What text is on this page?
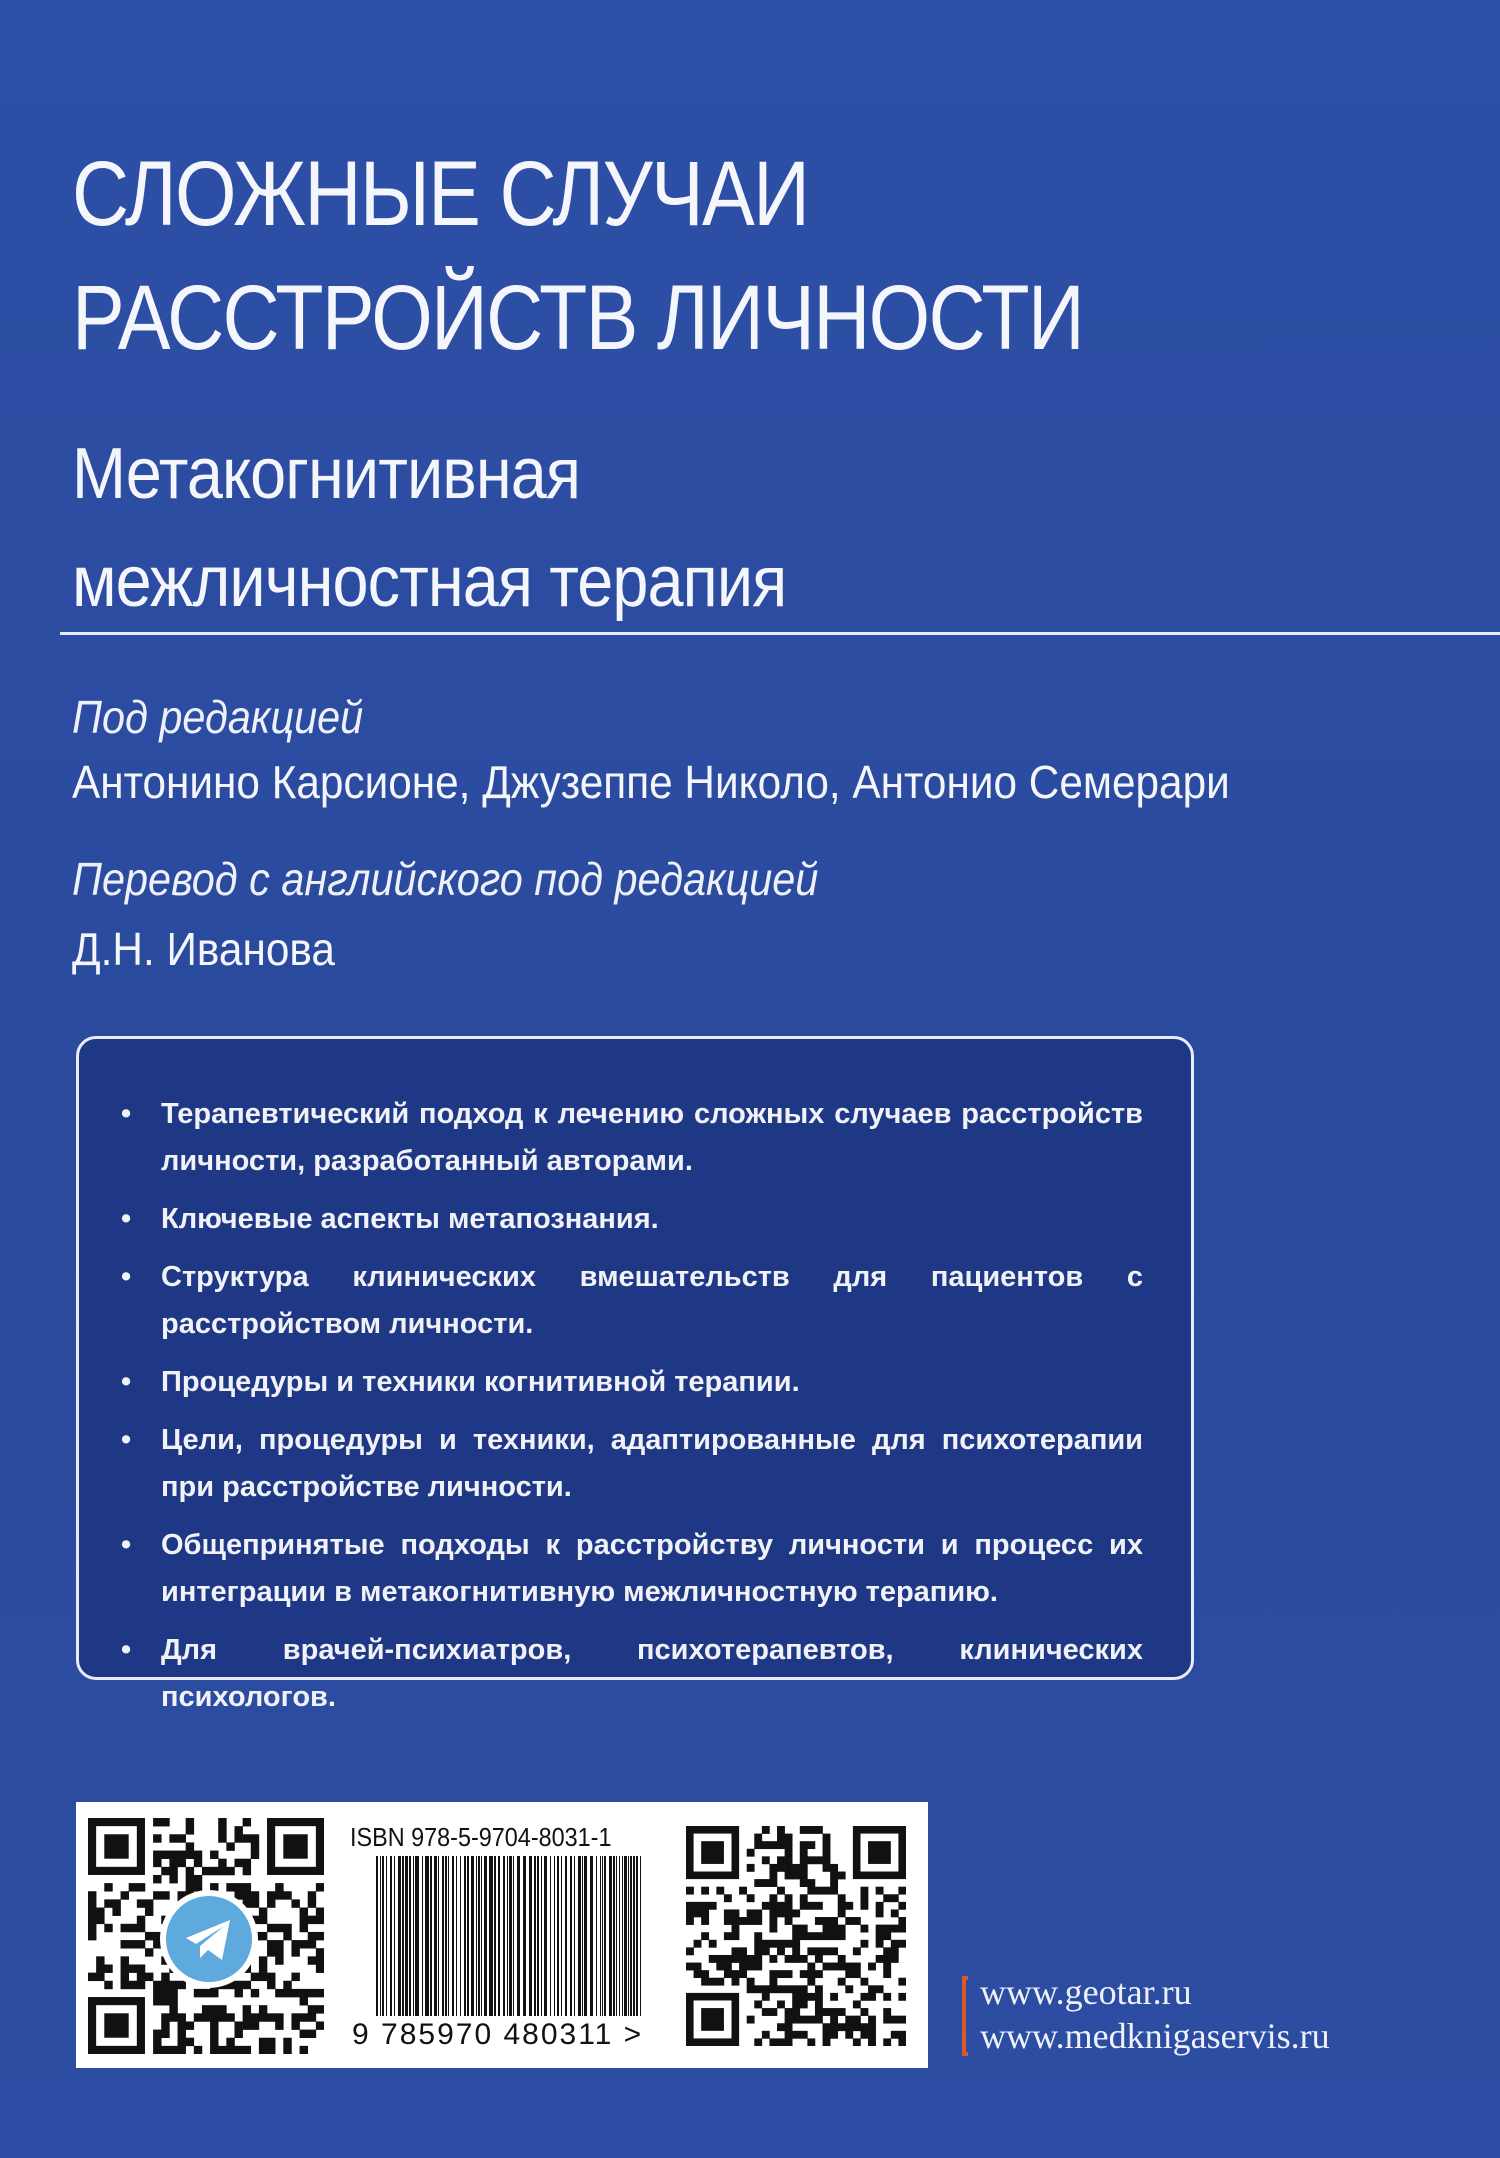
СЛОЖНЫЕ СЛУЧАИ
РАССТРОЙСТВ ЛИЧНОСТИ
Метакогнитивная
межличностная терапия
Под редакцией
Антонино Карсионе, Джузеппе Николо, Антонио Семерари
Перевод с английского под редакцией
Д.Н. Иванова
• Терапевтический подход к лечению сложных случаев расстройств личности, разработанный авторами.
• Ключевые аспекты метапознания.
• Структура клинических вмешательств для пациентов с расстройством личности.
• Процедуры и техники когнитивной терапии.
• Цели, процедуры и техники, адаптированные для психотерапии при расстройстве личности.
• Общепринятые подходы к расстройству личности и процесс их интеграции в метакогнитивную межличностную терапию.
• Для врачей-психиатров, психотерапевтов, клинических психологов.
ISBN 978-5-9704-8031-1
9 785970 480311 >
www.geotar.ru
www.medknigaservis.ru
